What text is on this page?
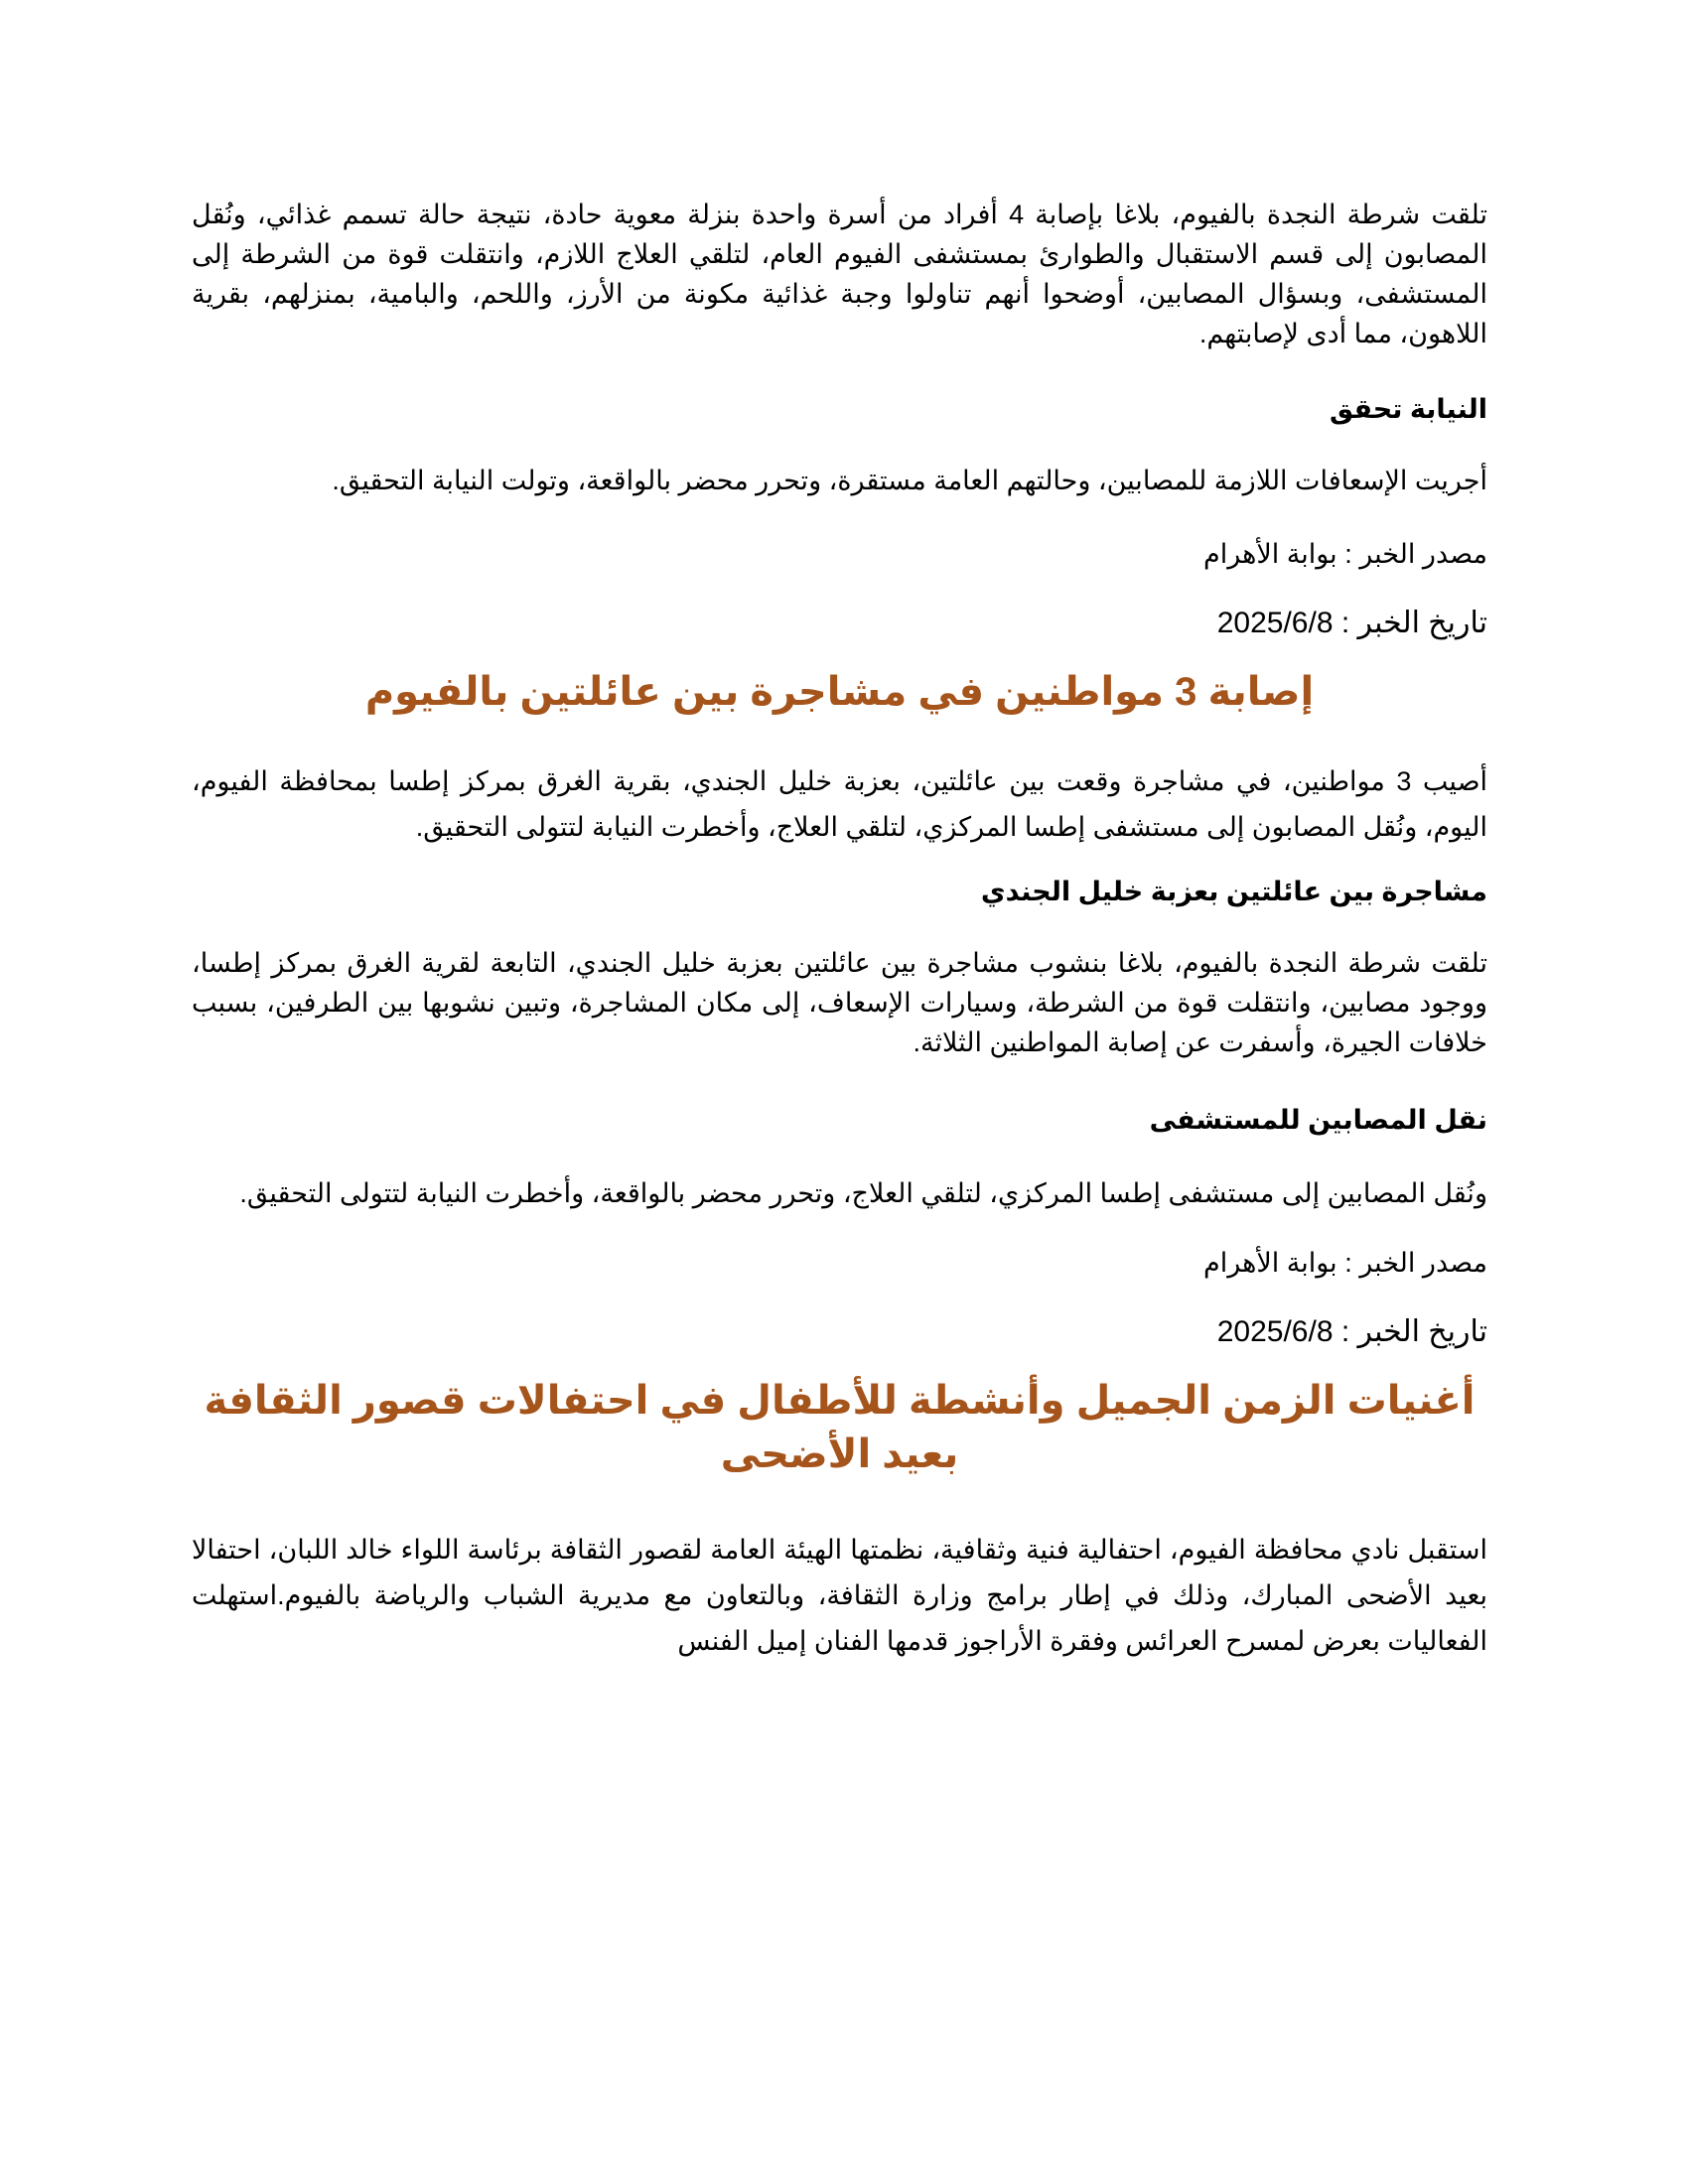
تلقت شرطة النجدة بالفيوم، بلاغا بإصابة 4 أفراد من أسرة واحدة بنزلة معوية حادة، نتيجة حالة تسمم غذائي، ونُقل المصابون إلى قسم الاستقبال والطوارئ بمستشفى الفيوم العام، لتلقي العلاج اللازم، وانتقلت قوة من الشرطة إلى المستشفى، وبسؤال المصابين، أوضحوا أنهم تناولوا وجبة غذائية مكونة من الأرز، واللحم، والبامية، بمنزلهم، بقرية اللاهون، مما أدى لإصابتهم.

النيابة تحقق

أجريت الإسعافات اللازمة للمصابين، وحالتهم العامة مستقرة، وتحرر محضر بالواقعة، وتولت النيابة التحقيق.

مصدر الخبر : بوابة الأهرام

تاريخ الخبر : 2025/6/8

إصابة 3 مواطنين في مشاجرة بين عائلتين بالفيوم

أصيب 3 مواطنين، في مشاجرة وقعت بين عائلتين، بعزبة خليل الجندي، بقرية الغرق بمركز إطسا بمحافظة الفيوم، اليوم، ونُقل المصابون إلى مستشفى إطسا المركزي، لتلقي العلاج، وأخطرت النيابة لتتولى التحقيق.

مشاجرة بين عائلتين بعزبة خليل الجندي

تلقت شرطة النجدة بالفيوم، بلاغا بنشوب مشاجرة بين عائلتين بعزبة خليل الجندي، التابعة لقرية الغرق بمركز إطسا، ووجود مصابين، وانتقلت قوة من الشرطة، وسيارات الإسعاف، إلى مكان المشاجرة، وتبين نشوبها بين الطرفين، بسبب خلافات الجيرة، وأسفرت عن إصابة المواطنين الثلاثة.

نقل المصابين للمستشفى

ونُقل المصابين إلى مستشفى إطسا المركزي، لتلقي العلاج، وتحرر محضر بالواقعة، وأخطرت النيابة لتتولى التحقيق.

مصدر الخبر : بوابة الأهرام

تاريخ الخبر : 2025/6/8

أغنيات الزمن الجميل وأنشطة للأطفال في احتفالات قصور الثقافة بعيد الأضحى

استقبل نادي محافظة الفيوم، احتفالية فنية وثقافية، نظمتها الهيئة العامة لقصور الثقافة برئاسة اللواء خالد اللبان، احتفالا بعيد الأضحى المبارك، وذلك في إطار برامج وزارة الثقافة، وبالتعاون مع مديرية الشباب والرياضة بالفيوم.استهلت الفعاليات بعرض لمسرح العرائس وفقرة الأراجوز قدمها الفنان إميل الفنس
